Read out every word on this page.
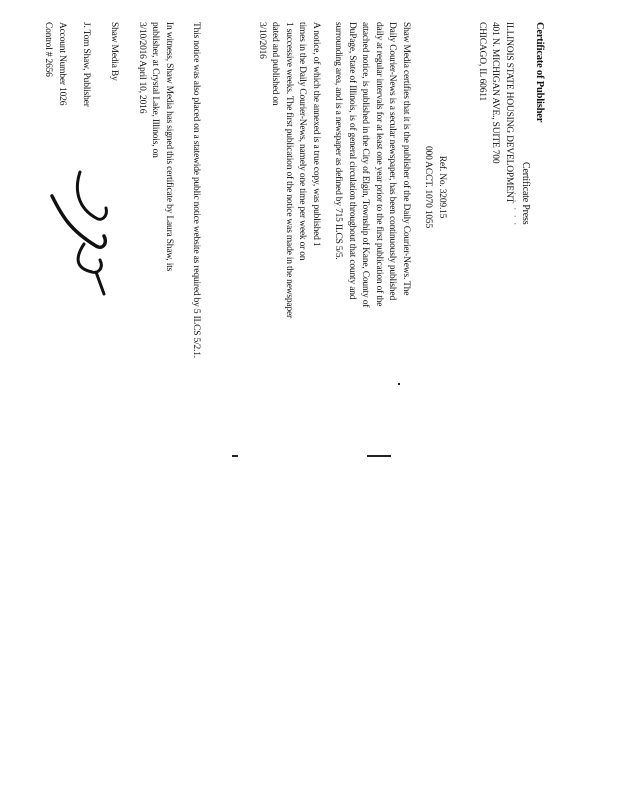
Certificate of Publisher
Certificate Press
· · · · ·
ILLINOIS STATE HOUSING DEVELOPMENT
401 N. MICHIGAN AVE., SUITE 700
CHICAGO, IL 60611
Ref. No. 3209.15
000 ACCT. 1070 1055
Shaw Media certifies that it is the publisher of the Daily Courier-News. The
Daily Courier-News is a secular newspaper, has been continuously published
daily at regular intervals for at least one year prior to the first publication of the
attached notice, is published in the City of Elgin, Township of Kane, County of
DuPage, State of Illinois, is of general circulation throughout that county and
surrounding area, and is a newspaper as defined by 715 ILCS 5/5.
A notice, of which the annexed is a true copy, was published 1
times in the Daily Courier-News, namely one time per week or on
1 successive weeks. The first publication of the notice was made in the newspaper
dated and published on
3/10/2016
This notice was also placed on a statewide public notice website as required by 5 ILCS 5/2.1.
In witness, Shaw Media has signed this certificate by Laura Shaw, its
publisher, at Crystal Lake, Illinois, on
3/10/2016 April 10, 2016
Shaw Media By
J. Tom Shaw, Publisher
Account Number 1026
Control # 2656
